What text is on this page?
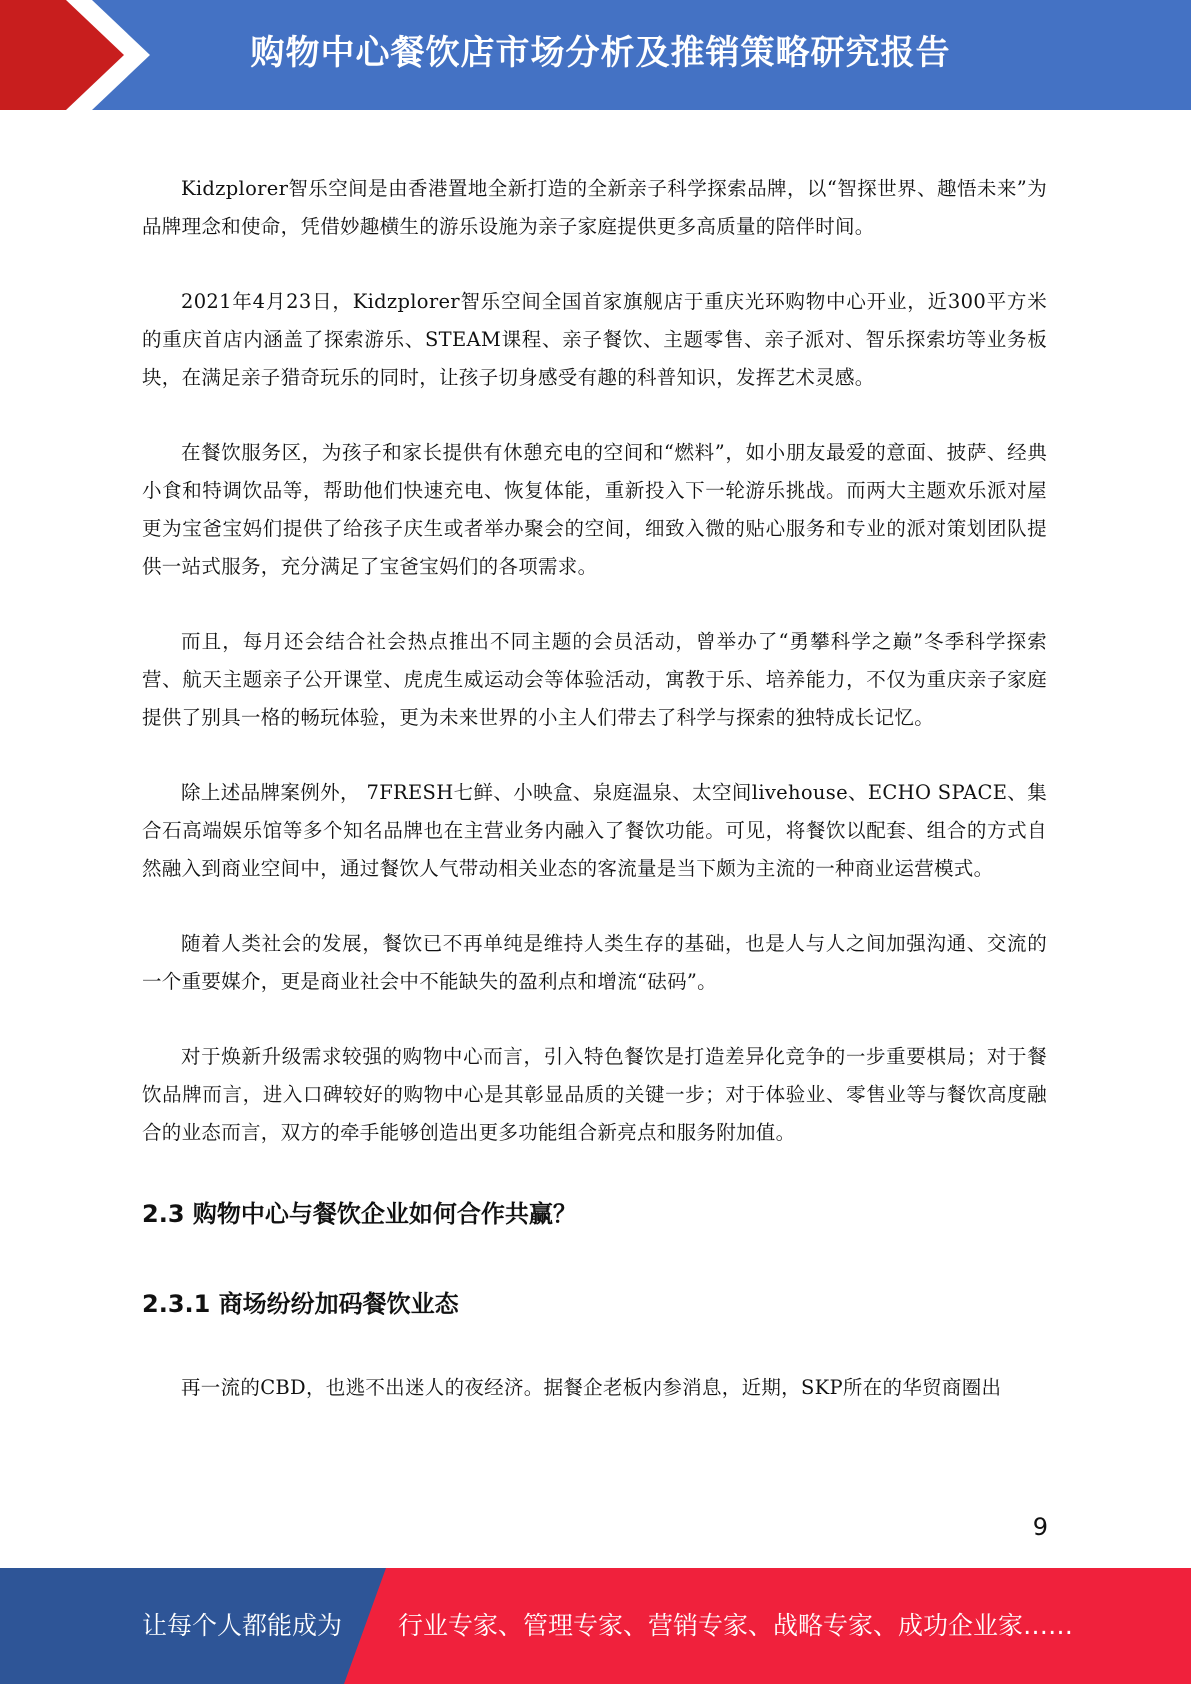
购物中心餐饮店市场分析及推销策略研究报告

Kidzplorer智乐空间是由香港置地全新打造的全新亲子科学探索品牌，以“智探世界、趣悟未来”为品牌理念和使命，凭借妙趣横生的游乐设施为亲子家庭提供更多高质量的陪伴时间。

2021年4月23日，Kidzplorer智乐空间全国首家旗舰店于重庆光环购物中心开业，近300平方米的重庆首店内涵盖了探索游乐、STEAM课程、亲子餐饮、主题零售、亲子派对、智乐探索坊等业务板块，在满足亲子猎奇玩乐的同时，让孩子切身感受有趣的科普知识，发挥艺术灵感。

在餐饮服务区，为孩子和家长提供有休憩充电的空间和“燃料”，如小朋友最爱的意面、披萨、经典小食和特调饮品等，帮助他们快速充电、恢复体能，重新投入下一轮游乐挑战。而两大主题欢乐派对屋更为宝爸宝妈们提供了给孩子庆生或者举办聚会的空间，细致入微的贴心服务和专业的派对策划团队提供一站式服务，充分满足了宝爸宝妈们的各项需求。

而且，每月还会结合社会热点推出不同主题的会员活动，曾举办了“勇攀科学之巅”冬季科学探索营、航天主题亲子公开课堂、虎虎生威运动会等体验活动，寓教于乐、培养能力，不仅为重庆亲子家庭提供了别具一格的畅玩体验，更为未来世界的小主人们带去了科学与探索的独特成长记忆。

除上述品牌案例外， 7FRESH七鲜、小映盒、泉庭温泉、太空间livehouse、ECHO SPACE、集合石高端娱乐馆等多个知名品牌也在主营业务内融入了餐饮功能。可见，将餐饮以配套、组合的方式自然融入到商业空间中，通过餐饮人气带动相关业态的客流量是当下颇为主流的一种商业运营模式。

随着人类社会的发展，餐饮已不再单纯是维持人类生存的基础，也是人与人之间加强沟通、交流的一个重要媒介，更是商业社会中不能缺失的盈利点和增流“砝码”。

对于焕新升级需求较强的购物中心而言，引入特色餐饮是打造差异化竞争的一步重要棋局；对于餐饮品牌而言，进入口碑较好的购物中心是其彰显品质的关键一步；对于体验业、零售业等与餐饮高度融合的业态而言，双方的牵手能够创造出更多功能组合新亮点和服务附加值。

2.3 购物中心与餐饮企业如何合作共赢？
2.3.1 商场纷纷加码餐饮业态

再一流的CBD，也逃不出迷人的夜经济。据餐企老板内参消息，近期，SKP所在的华贸商圈出

9
让每个人都能成为 行业专家、管理专家、营销专家、战略专家、成功企业家……
